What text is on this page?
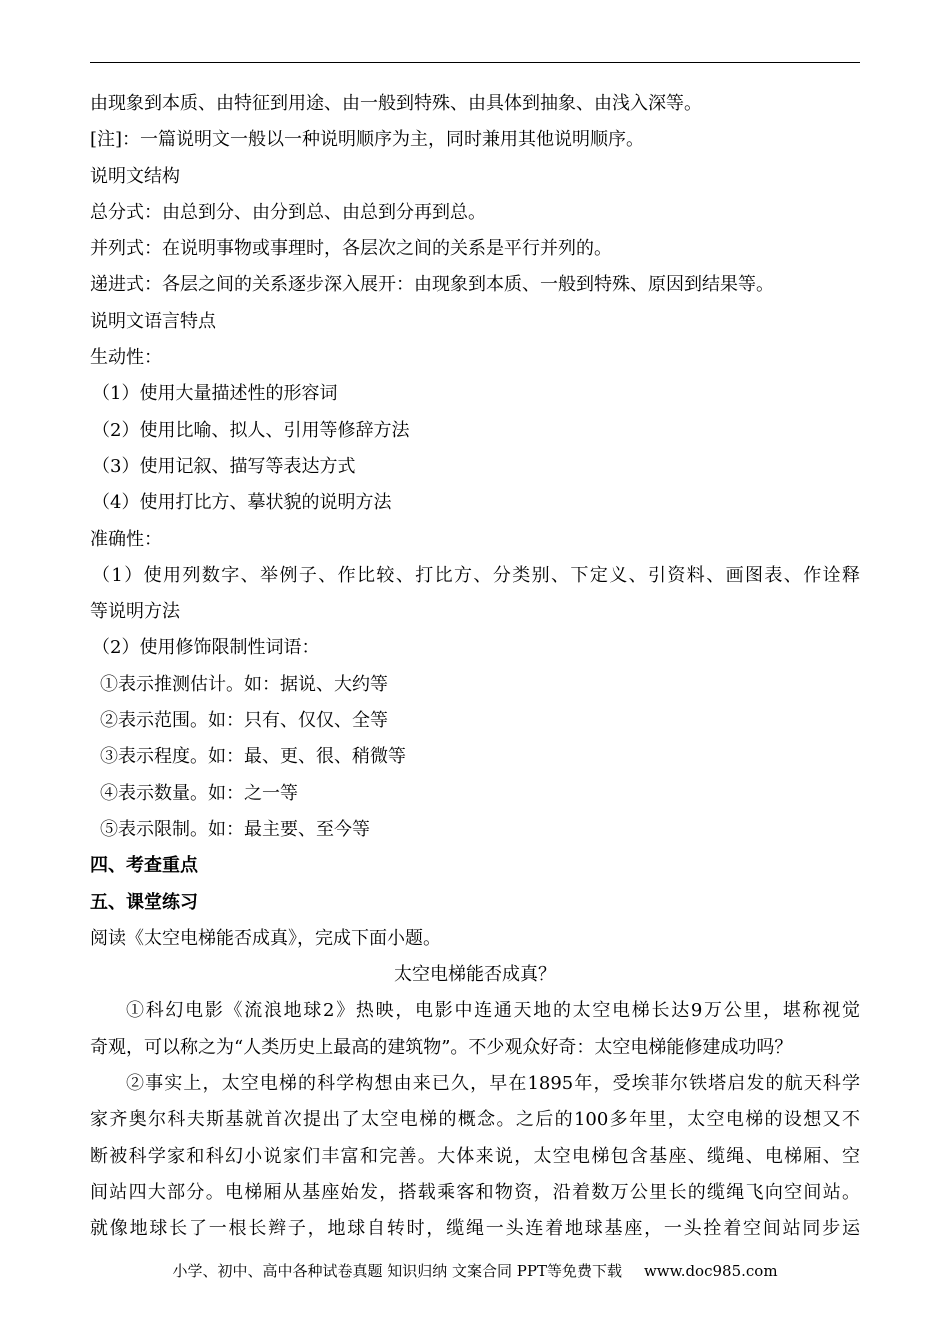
由现象到本质、由特征到用途、由一般到特殊、由具体到抽象、由浅入深等。
[注]：一篇说明文一般以一种说明顺序为主，同时兼用其他说明顺序。
说明文结构
总分式：由总到分、由分到总、由总到分再到总。
并列式：在说明事物或事理时，各层次之间的关系是平行并列的。
递进式：各层之间的关系逐步深入展开：由现象到本质、一般到特殊、原因到结果等。
说明文语言特点
生动性：
（1）使用大量描述性的形容词
（2）使用比喻、拟人、引用等修辞方法
（3）使用记叙、描写等表达方式
（4）使用打比方、摹状貌的说明方法
准确性：
（1）使用列数字、举例子、作比较、打比方、分类别、下定义、引资料、画图表、作诠释
等说明方法
（2）使用修饰限制性词语：
①表示推测估计。如：据说、大约等
②表示范围。如：只有、仅仅、全等
③表示程度。如：最、更、很、稍微等
④表示数量。如：之一等
⑤表示限制。如：最主要、至今等
四、考查重点
五、课堂练习
阅读《太空电梯能否成真》，完成下面小题。
太空电梯能否成真？
①科幻电影《流浪地球2》热映，电影中连通天地的太空电梯长达9万公里，堪称视觉
奇观，可以称之为“人类历史上最高的建筑物”。不少观众好奇：太空电梯能修建成功吗？
②事实上，太空电梯的科学构想由来已久，早在1895年，受埃菲尔铁塔启发的航天科学
家齐奥尔科夫斯基就首次提出了太空电梯的概念。之后的100多年里，太空电梯的设想又不
断被科学家和科幻小说家们丰富和完善。大体来说，太空电梯包含基座、缆绳、电梯厢、空
间站四大部分。电梯厢从基座始发，搭载乘客和物资，沿着数万公里长的缆绳飞向空间站。
就像地球长了一根长辫子，地球自转时，缆绳一头连着地球基座，一头拴着空间站同步运
小学、初中、高中各种试卷真题 知识归纳 文案合同 PPT等免费下载 www.doc985.com
